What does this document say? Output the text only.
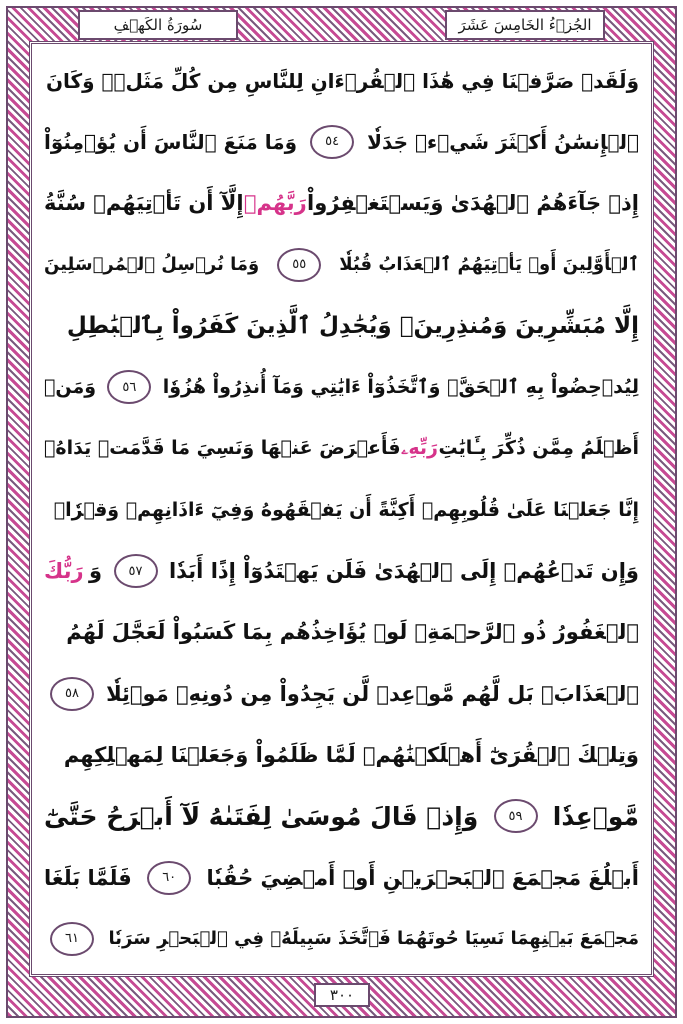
سُورَةُ الكَهۡفِ	الجُزۡءُ الخَامِسَ عَشَرَ
وَلَقَدۡ صَرَّفۡنَا فِي هَٰذَا ٱلۡقُرۡءَانِ لِلنَّاسِ مِن كُلِّ مَثَلٖۚ وَكَانَ
ٱلۡإِنسَٰنُ أَكۡثَرَ شَيۡءٖ جَدَلٗا
٥٤
وَمَا مَنَعَ ٱلنَّاسَ أَن يُؤۡمِنُوٓاْ
إِذۡ جَآءَهُمُ ٱلۡهُدَىٰ وَيَسۡتَغۡفِرُواْ
رَبَّهُمۡ
إِلَّآ أَن تَأۡتِيَهُمۡ سُنَّةُ
ٱلۡأَوَّلِينَ أَوۡ يَأۡتِيَهُمُ ٱلۡعَذَابُ قُبُلٗا
٥٥
وَمَا نُرۡسِلُ ٱلۡمُرۡسَلِينَ
إِلَّا مُبَشِّرِينَ وَمُنذِرِينَۚ وَيُجَٰدِلُ ٱلَّذِينَ كَفَرُواْ بِٱلۡبَٰطِلِ
لِيُدۡحِضُواْ بِهِ ٱلۡحَقَّۖ وَٱتَّخَذُوٓاْ ءَايَٰتِي وَمَآ أُنذِرُواْ هُزُوٗا
٥٦
وَمَنۡ
أَظۡلَمُ مِمَّن ذُكِّرَ بِـَٔايَٰتِ
رَبِّهِۦ
فَأَعۡرَضَ عَنۡهَا وَنَسِيَ مَا قَدَّمَتۡ يَدَاهُۚ
إِنَّا جَعَلۡنَا عَلَىٰ قُلُوبِهِمۡ أَكِنَّةً أَن يَفۡقَهُوهُ وَفِيٓ ءَاذَانِهِمۡ وَقۡرٗاۖ
وَإِن تَدۡعُهُمۡ إِلَى ٱلۡهُدَىٰ فَلَن يَهۡتَدُوٓاْ إِذًا أَبَدٗا
٥٧
وَ
رَبُّكَ
ٱلۡغَفُورُ ذُو ٱلرَّحۡمَةِۖ لَوۡ يُؤَاخِذُهُم بِمَا كَسَبُواْ لَعَجَّلَ لَهُمُ
ٱلۡعَذَابَۚ بَل لَّهُم مَّوۡعِدٞ لَّن يَجِدُواْ مِن دُونِهِۦ مَوۡئِلٗا
٥٨
وَتِلۡكَ ٱلۡقُرَىٰٓ أَهۡلَكۡنَٰهُمۡ لَمَّا ظَلَمُواْ وَجَعَلۡنَا لِمَهۡلِكِهِم
مَّوۡعِدٗا
٥٩
وَإِذۡ قَالَ مُوسَىٰ لِفَتَىٰهُ لَآ أَبۡرَحُ حَتَّىٰٓ
أَبۡلُغَ مَجۡمَعَ ٱلۡبَحۡرَيۡنِ أَوۡ أَمۡضِيَ حُقُبٗا
٦٠
فَلَمَّا بَلَغَا
مَجۡمَعَ بَيۡنِهِمَا نَسِيَا حُوتَهُمَا فَٱتَّخَذَ سَبِيلَهُۥ فِي ٱلۡبَحۡرِ سَرَبٗا
٦١
٣٠٠
